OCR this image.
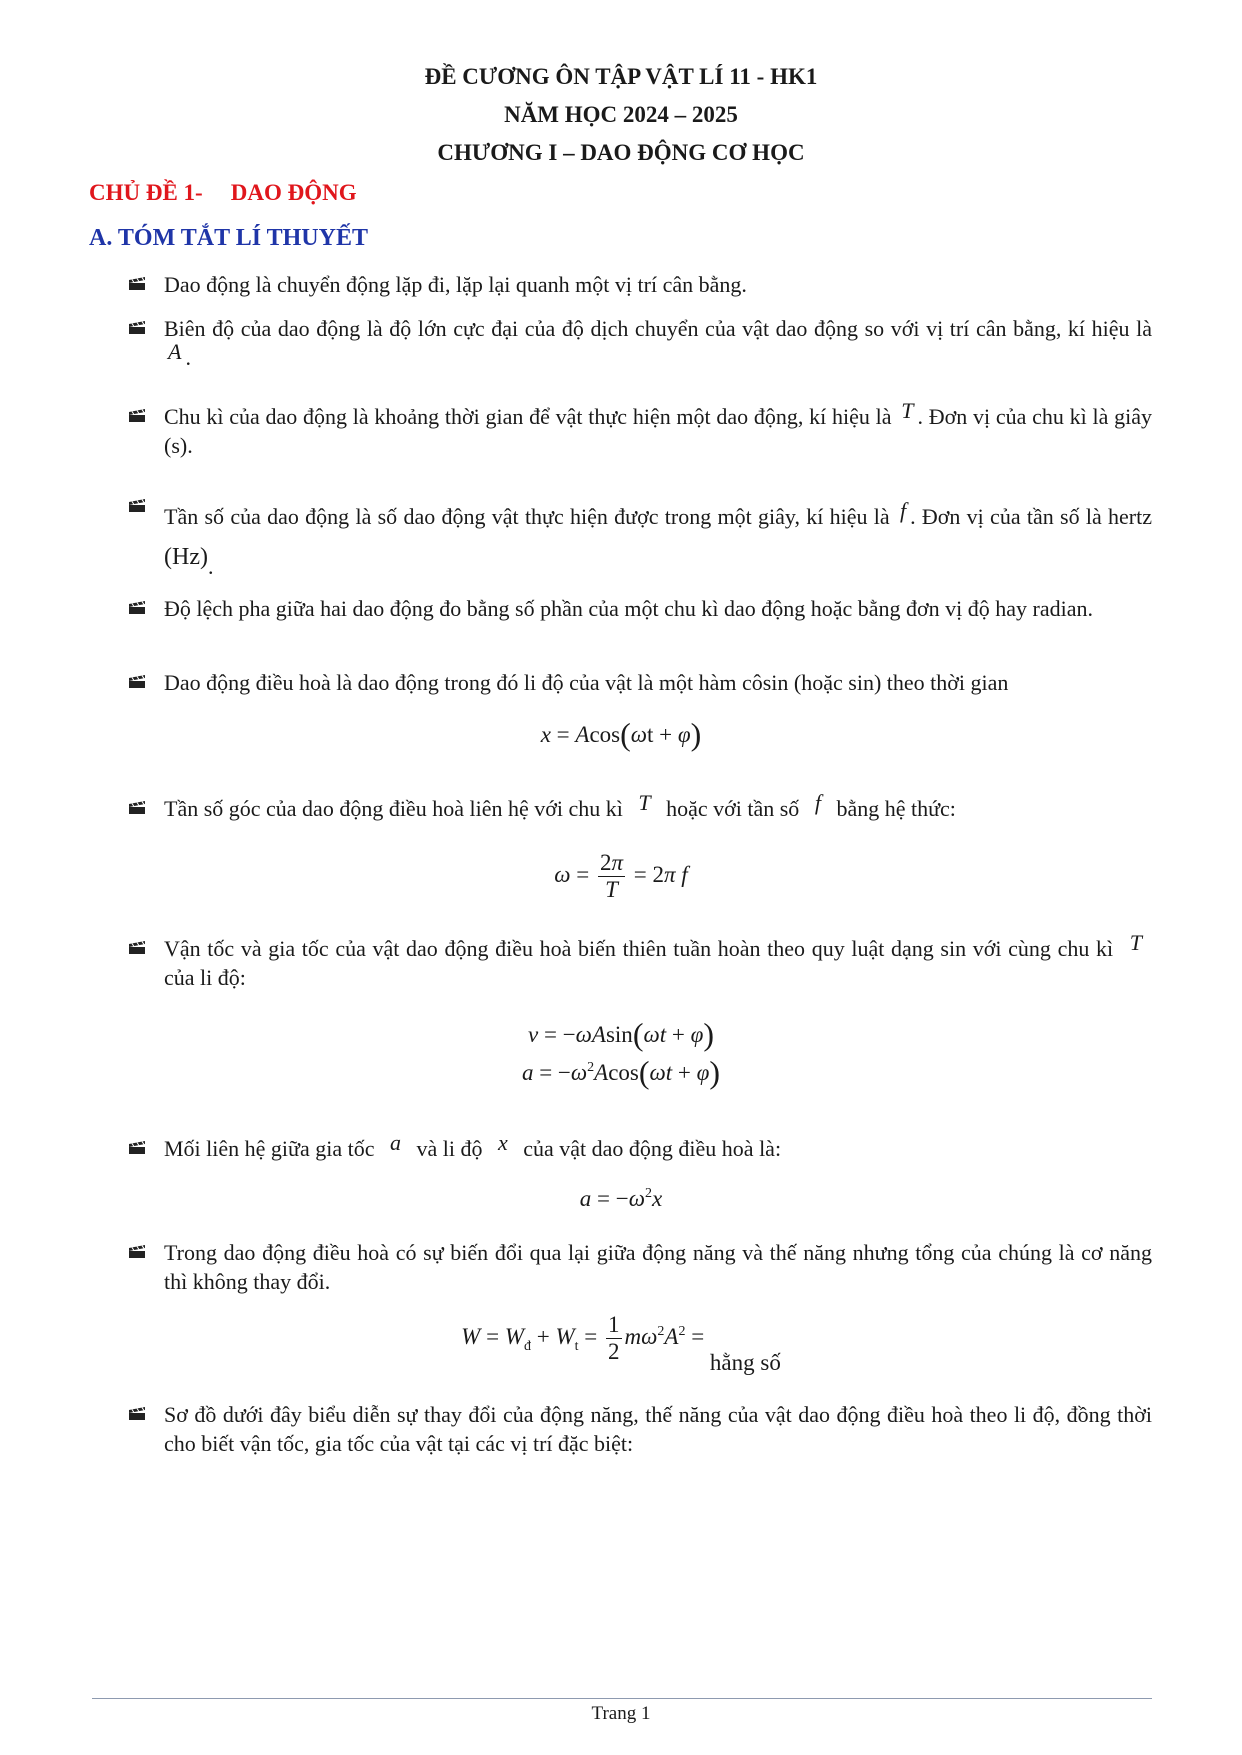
ĐỀ CƯƠNG ÔN TẬP VẬT LÍ 11 - HK1
NĂM HỌC 2024 – 2025
CHƯƠNG I – DAO ĐỘNG CƠ HỌC
CHỦ ĐỀ 1- DAO ĐỘNG
A. TÓM TẮT LÍ THUYẾT
Dao động là chuyển động lặp đi, lặp lại quanh một vị trí cân bằng.
Biên độ của dao động là độ lớn cực đại của độ dịch chuyển của vật dao động so với vị trí cân bằng, kí hiệu là A .
Chu kì của dao động là khoảng thời gian để vật thực hiện một dao động, kí hiệu là T . Đơn vị của chu kì là giây (s).
Tần số của dao động là số dao động vật thực hiện được trong một giây, kí hiệu là f . Đơn vị của tần số là hertz (Hz).
Độ lệch pha giữa hai dao động đo bằng số phần của một chu kì dao động hoặc bằng đơn vị độ hay radian.
Dao động điều hoà là dao động trong đó li độ của vật là một hàm côsin (hoặc sin) theo thời gian
x = Acos(ωt + φ)
Tần số góc của dao động điều hoà liên hệ với chu kì T hoặc với tần số f bằng hệ thức:
$\omega = \frac{2\pi}{T} = 2\pi$ f
Vận tốc và gia tốc của vật dao động điều hoà biến thiên tuần hoàn theo quy luật dạng sin với cùng chu kì T của li độ:
v = −ωAsin(ωt + φ)
$a = -\omega^2Acos(\omega t + \varphi)$
Mối liên hệ giữa gia tốc a và li độ x của vật dao động điều hoà là:
$a = -\omega^2x$
Trong dao động điều hoà có sự biến đổi qua lại giữa động năng và thế năng nhưng tổng của chúng là cơ năng thì không thay đổi.
$W = W_đ + W_t = \frac{1}{2} m\omega^2A^2$ = hằng số
Sơ đồ dưới đây biểu diễn sự thay đổi của động năng, thế năng của vật dao động điều hoà theo li độ, đồng thời cho biết vận tốc, gia tốc của vật tại các vị trí đặc biệt:
Trang 1
